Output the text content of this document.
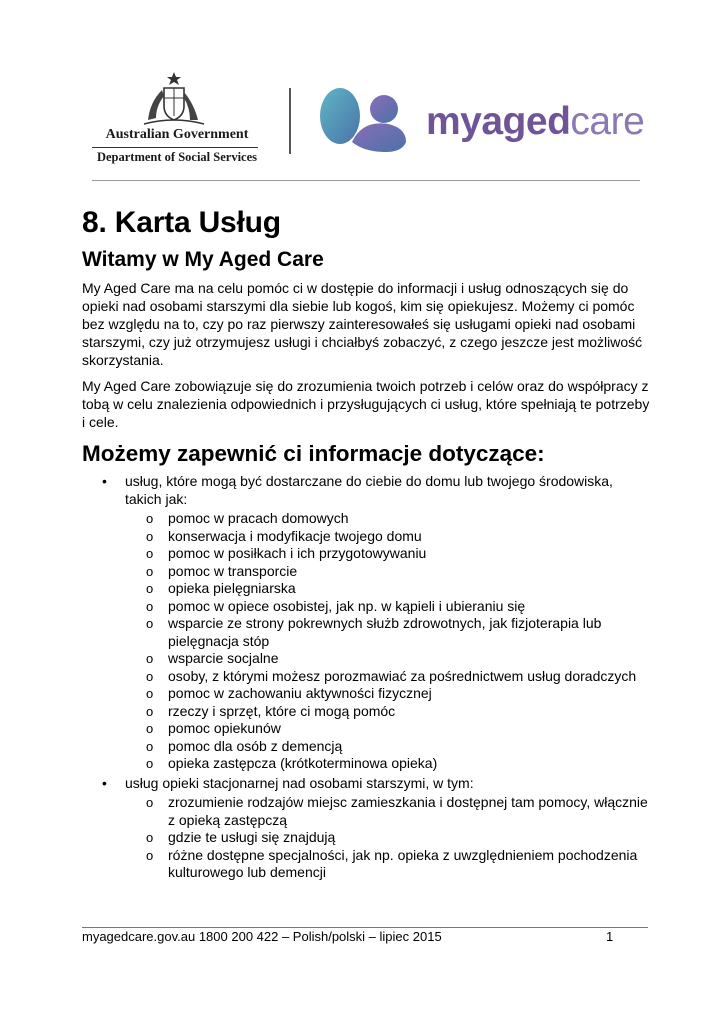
Australian Government
Department of Social Services
myagedcare
8. Karta Usług
Witamy w My Aged Care

My Aged Care ma na celu pomóc ci w dostępie do informacji i usług odnoszących się do opieki nad osobami starszymi dla siebie lub kogoś, kim się opiekujesz. Możemy ci pomóc bez względu na to, czy po raz pierwszy zainteresowałeś się usługami opieki nad osobami starszymi, czy już otrzymujesz usługi i chciałbyś zobaczyć, z czego jeszcze jest możliwość skorzystania.

My Aged Care zobowiązuje się do zrozumienia twoich potrzeb i celów oraz do współpracy z tobą w celu znalezienia odpowiednich i przysługujących ci usług, które spełniają te potrzeby i cele.

Możemy zapewnić ci informacje dotyczące:
• usług, które mogą być dostarczane do ciebie do domu lub twojego środowiska, takich jak:
o pomoc w pracach domowych
o konserwacja i modyfikacje twojego domu
o pomoc w posiłkach i ich przygotowywaniu
o pomoc w transporcie
o opieka pielęgniarska
o pomoc w opiece osobistej, jak np. w kąpieli i ubieraniu się
o wsparcie ze strony pokrewnych służb zdrowotnych, jak fizjoterapia lub pielęgnacja stóp
o wsparcie socjalne
o osoby, z którymi możesz porozmawiać za pośrednictwem usług doradczych
o pomoc w zachowaniu aktywności fizycznej
o rzeczy i sprzęt, które ci mogą pomóc
o pomoc opiekunów
o pomoc dla osób z demencją
o opieka zastępcza (krótkoterminowa opieka)
• usług opieki stacjonarnej nad osobami starszymi, w tym:
o zrozumienie rodzajów miejsc zamieszkania i dostępnej tam pomocy, włącznie z opieką zastępczą
o gdzie te usługi się znajdują
o różne dostępne specjalności, jak np. opieka z uwzględnieniem pochodzenia kulturowego lub demencji
myagedcare.gov.au 1800 200 422 – Polish/polski – lipiec 2015	1
